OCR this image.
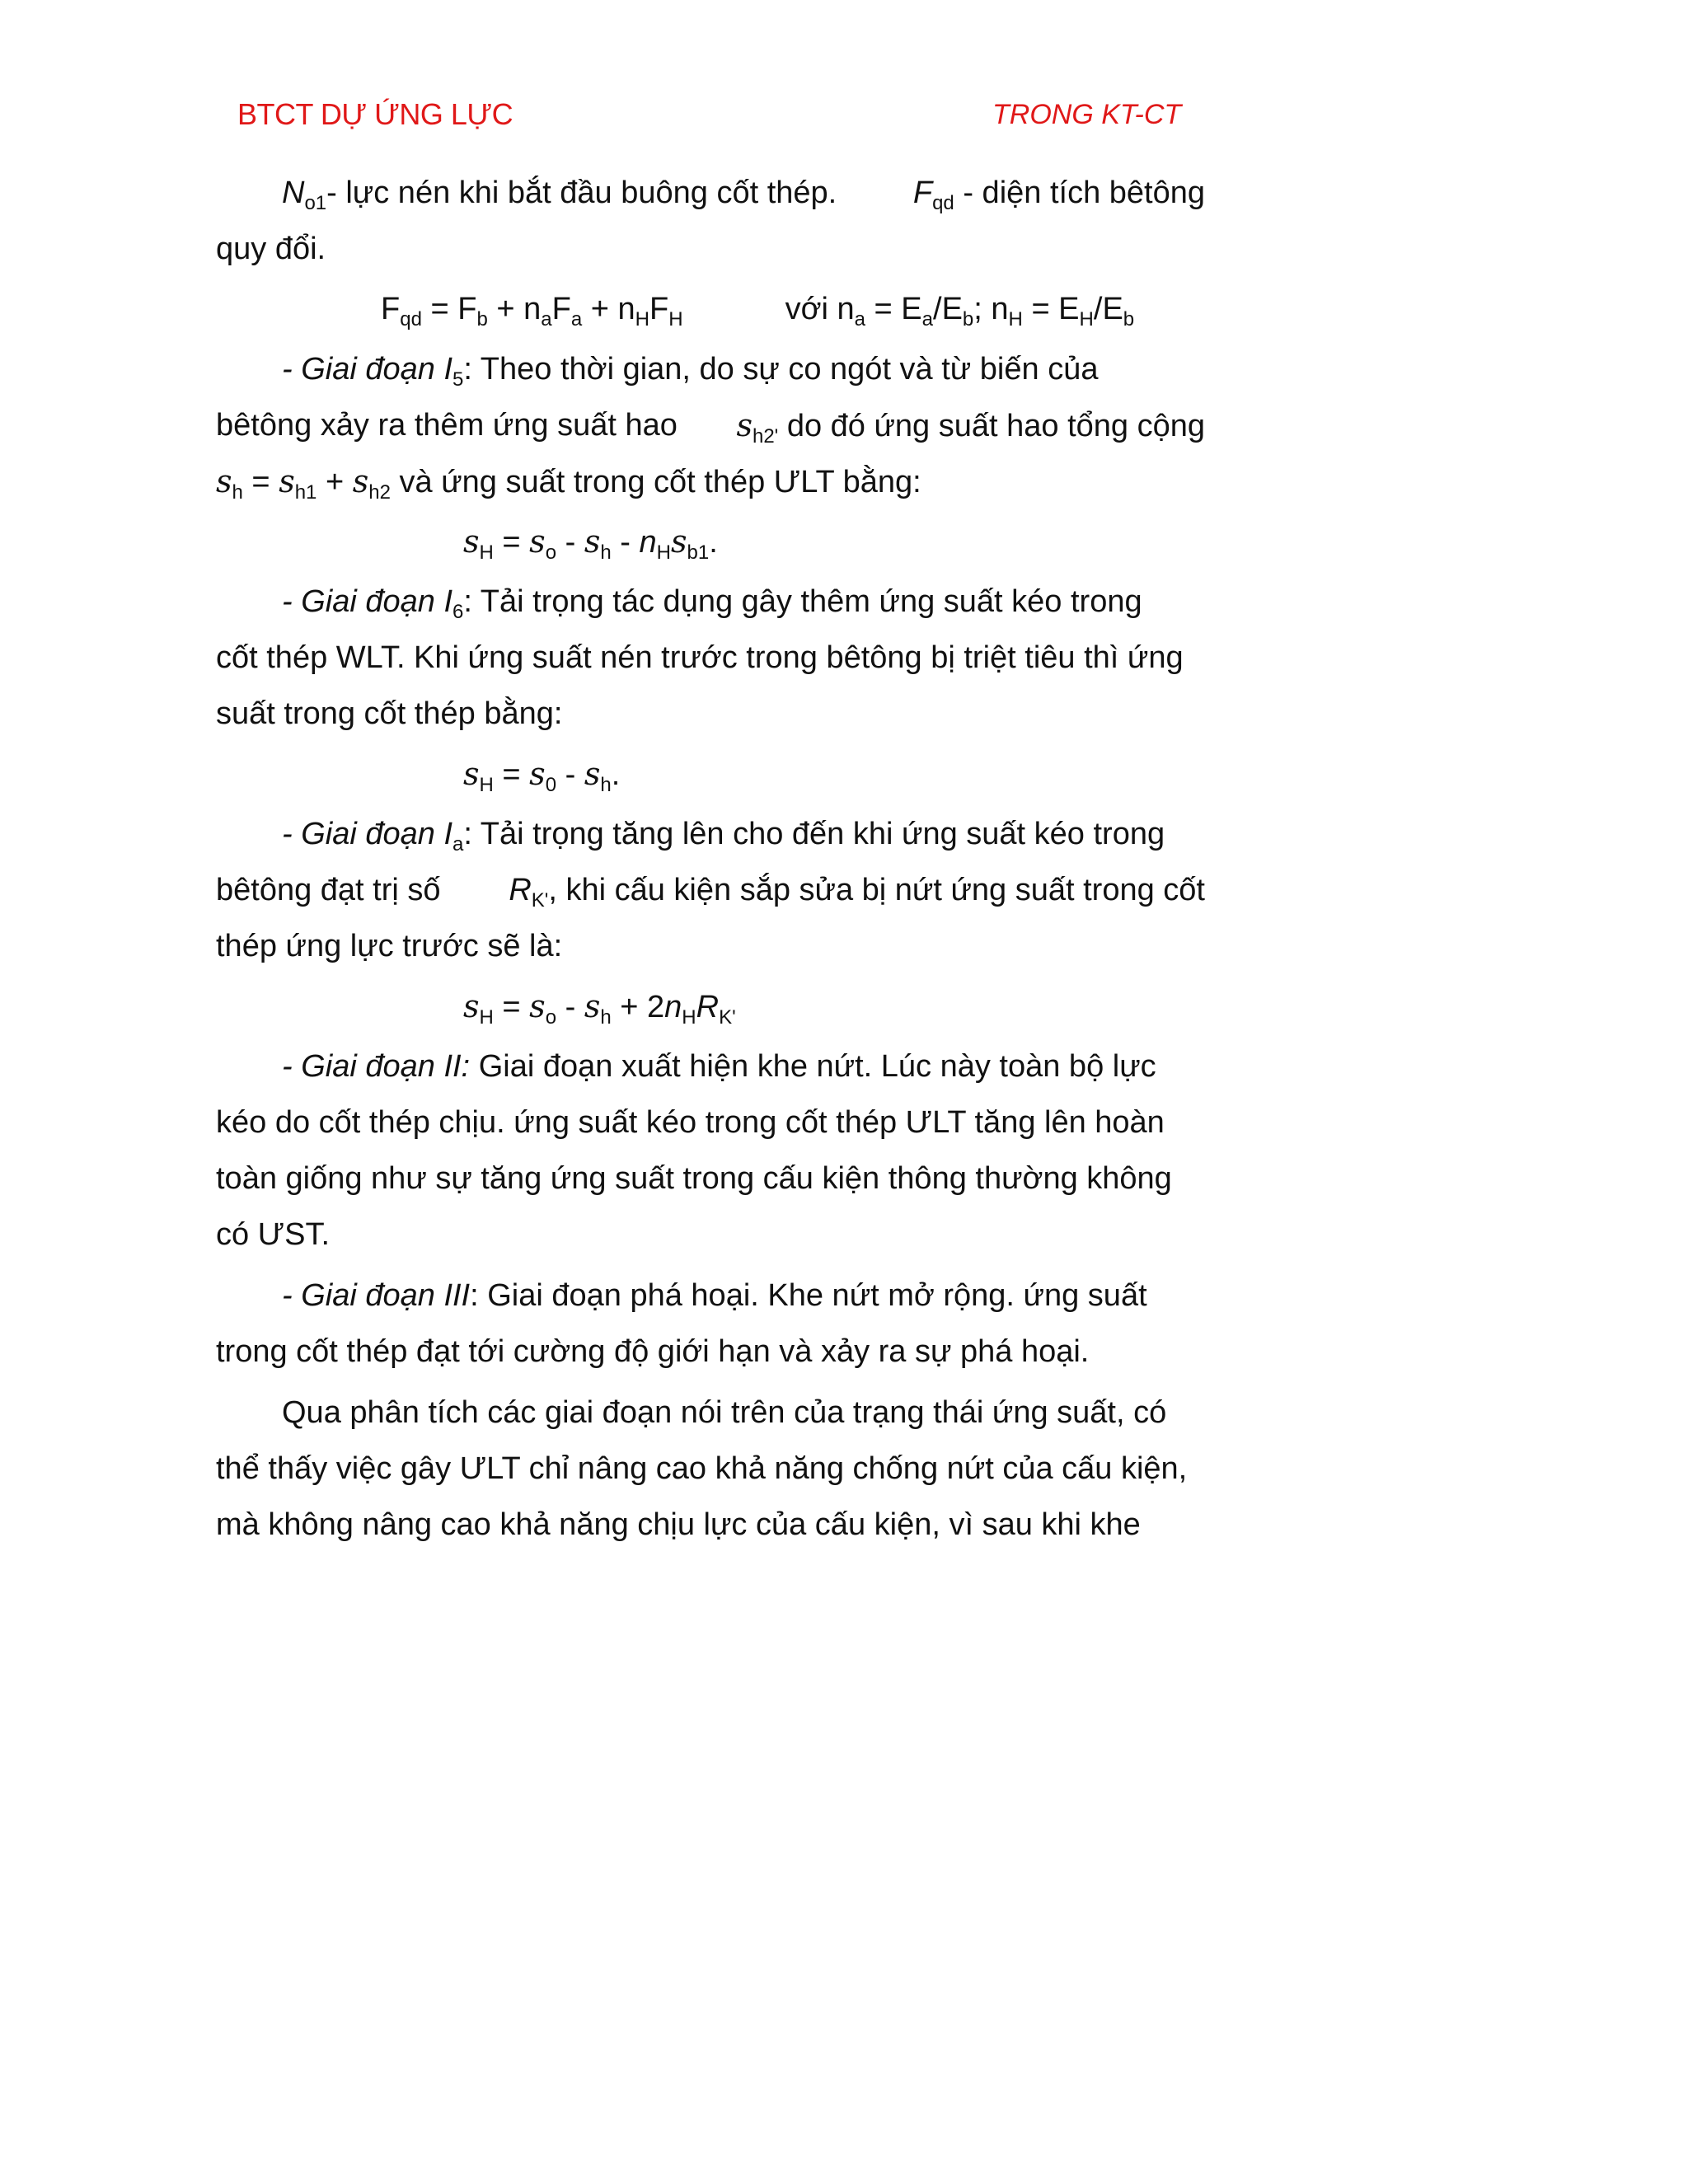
BTCT DỰ ỨNG LỰC	TRONG KT-CT
$N_{o1}-$ lực nén khi bắt đầu buông cốt thép. $F_{qd}$ - diện tích bêtông
quy đổi.
$F_{qd} = F_b + n_aF_a + n_HF_H$	với $n_a = E_a/E_b$; $n_H = E_H/E_b$
- Giai đoạn $I_5$: Theo thời gian, do sự co ngót và từ biến của
bêtông xảy ra thêm ứng suất hao $s_{h2'}$ do đó ứng suất hao tổng cộng
$s_h = s_{h1} + s_{h2}$ và ứng suất trong cốt thép ƯLT bằng:
$s_H = s_o - s_h - n_Hs_{b1}$.
- Giai đoạn $I_6$: Tải trọng tác dụng gây thêm ứng suất kéo trong
cốt thép WLT. Khi ứng suất nén trước trong bêtông bị triệt tiêu thì ứng
suất trong cốt thép bằng:
$s_H = s_0 - s_h$.
- Giai đoạn $I_a$: Tải trọng tăng lên cho đến khi ứng suất kéo trong
bêtông đạt trị số $R_{K'}$, khi cấu kiện sắp sửa bị nứt ứng suất trong cốt
thép ứng lực trước sẽ là:
$s_H = s_o - s_h + 2n_HR_{K'}$
- Giai đoạn II: Giai đoạn xuất hiện khe nứt. Lúc này toàn bộ lực
kéo do cốt thép chịu. ứng suất kéo trong cốt thép ƯLT tăng lên hoàn
toàn giống như sự tăng ứng suất trong cấu kiện thông thường không
có ƯST.
- Giai đoạn III: Giai đoạn phá hoại. Khe nứt mở rộng. ứng suất
trong cốt thép đạt tới cường độ giới hạn và xảy ra sự phá hoại.
Qua phân tích các giai đoạn nói trên của trạng thái ứng suất, có
thể thấy việc gây ƯLT chỉ nâng cao khả năng chống nứt của cấu kiện,
mà không nâng cao khả năng chịu lực của cấu kiện, vì sau khi khe
